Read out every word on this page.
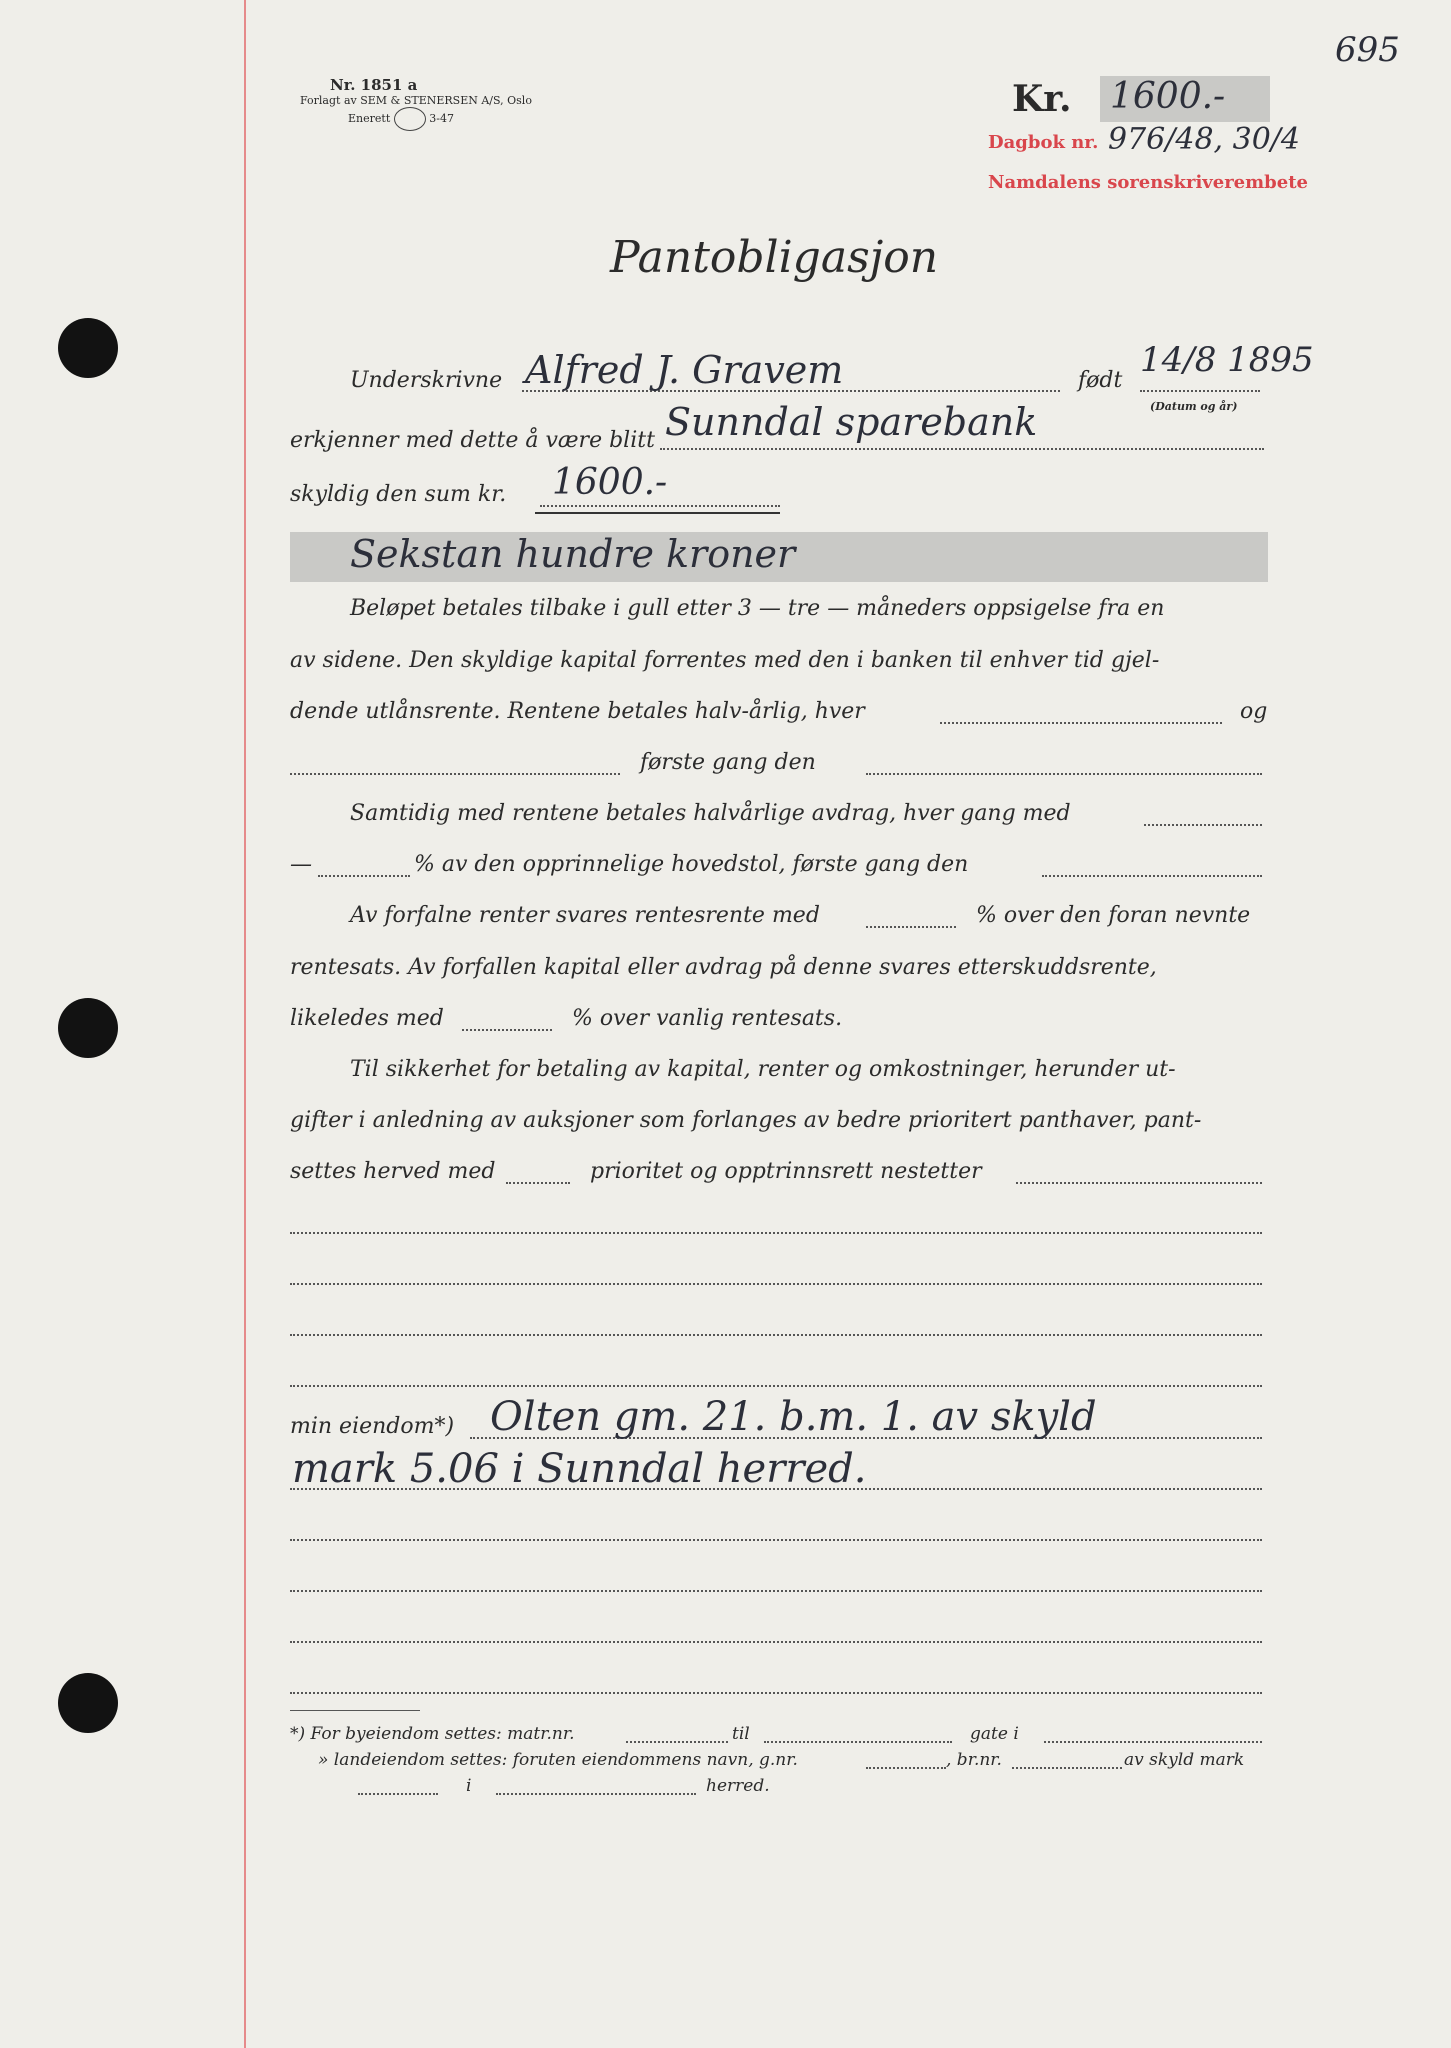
695
Nr. 1851 a
Forlagt av SEM & STENERSEN A/S, Oslo
Enerett	3-47	Kr. 1600.-
Dagbok nr. 976/48, 30/4
Namdalens sorenskriverembete
Pantobligasjon
Underskrivne Alfred J. Gravem	født
14/8 1895
(Datum og år)
erkjenner med dette å være blitt Sunndal sparebank
skyldig den sum kr. 1600.-
Sekstan hundre kroner
Beløpet betales tilbake i gull etter 3 — tre — måneders oppsigelse fra en
av sidene. Den skyldige kapital forrentes med den i banken til enhver tid gjel-
dende utlånsrente. Rentene betales halv-årlig, hver	og
første gang den
Samtidig med rentene betales halvårlige avdrag, hver gang med
—	% av den opprinnelige hovedstol, første gang den
Av forfalne renter svares rentesrente med	% over den foran nevnte
rentesats. Av forfallen kapital eller avdrag på denne svares etterskuddsrente,
likeledes med	% over vanlig rentesats.
Til sikkerhet for betaling av kapital, renter og omkostninger, herunder ut-
gifter i anledning av auksjoner som forlanges av bedre prioritert panthaver, pant-
settes herved med	prioritet og opptrinnsrett nestetter
min eiendom*) Olten gm. 21. b.m. 1. av skyld
mark 5.06 i Sunndal herred.
*) For byeiendom settes: matr.nr.	til	gate i
» landeiendom settes: foruten eiendommens navn, g.nr.	, br.nr.	av skyld mark
i	herred.
